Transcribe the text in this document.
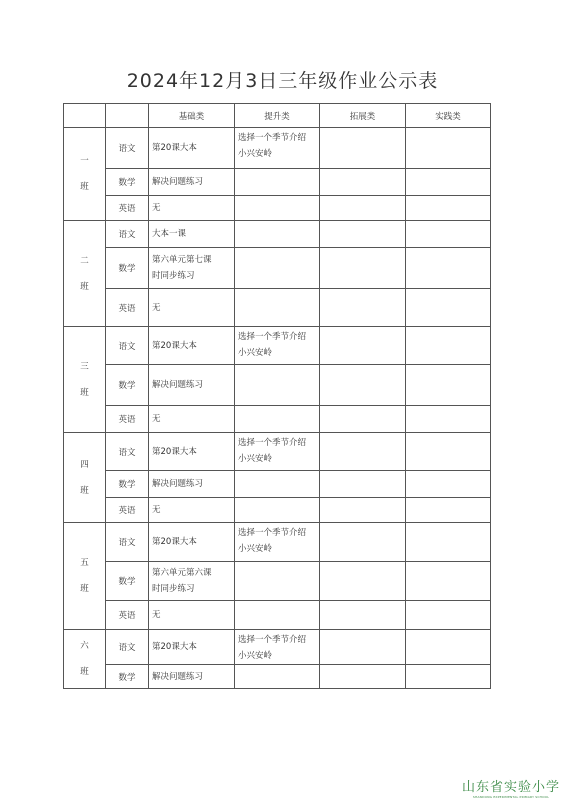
2024年12月3日三年级作业公示表
		基础类	提升类	拓展类	实践类
一班	语文	第20课大本	选择一个季节介绍
小兴安岭		
	数学	解决问题练习			
	英语	无			
二班	语文	大本一课			
	数学	第六单元第七课
时同步练习			
	英语	无			
三班	语文	第20课大本	选择一个季节介绍
小兴安岭		
	数学	解决问题练习			
	英语	无			
四班	语文	第20课大本	选择一个季节介绍
小兴安岭		
	数学	解决问题练习			
	英语	无			
五班	语文	第20课大本	选择一个季节介绍
小兴安岭		
	数学	第六单元第六课
时同步练习			
	英语	无			
六班	语文	第20课大本	选择一个季节介绍
小兴安岭		
	数学	解决问题练习			
山东省实验小学
SHANDONG EXPERIMENTAL PRIMARY SCHOOL
